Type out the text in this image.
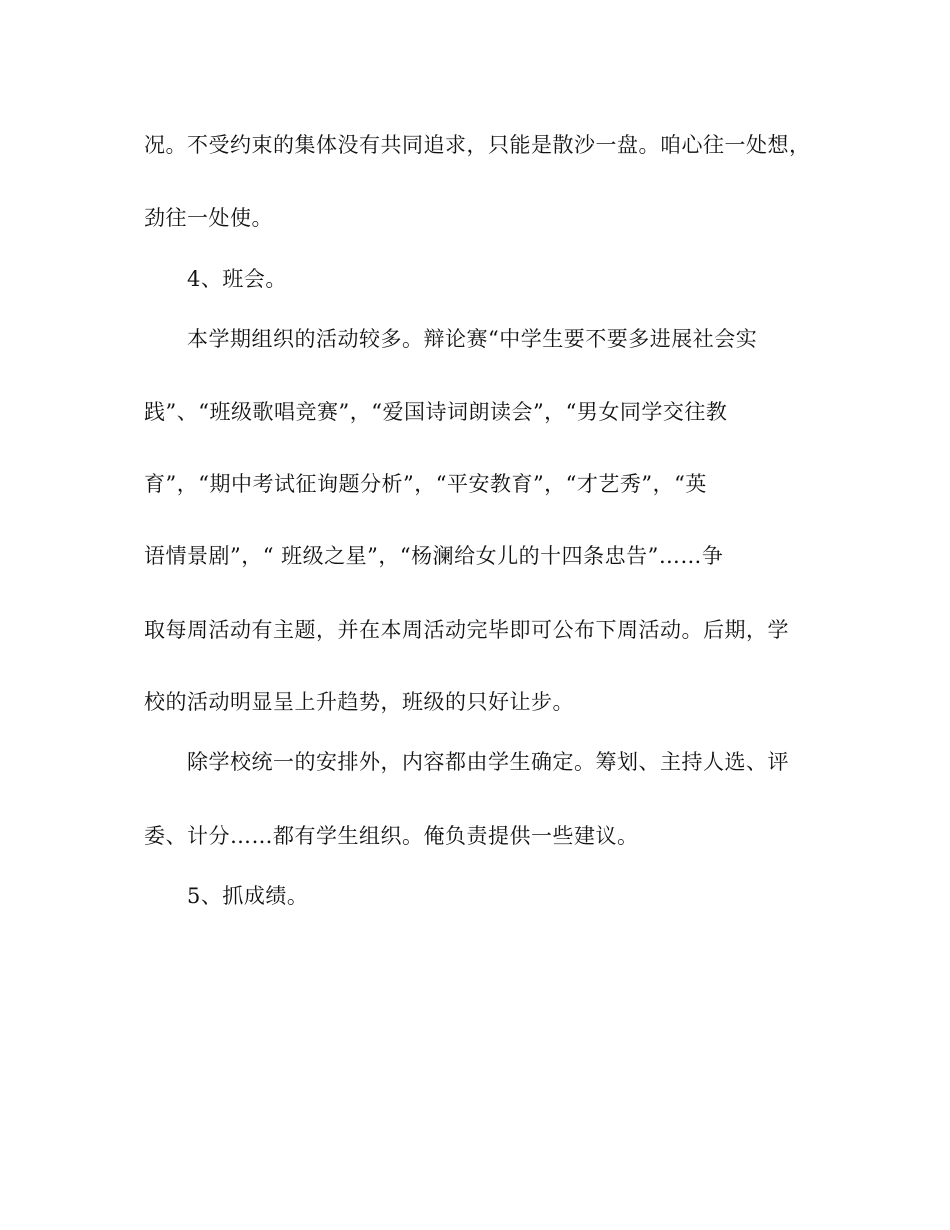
况。不受约束的集体没有共同追求，只能是散沙一盘。咱心往一处想，
劲往一处使。
4、班会。
本学期组织的活动较多。辩论赛“中学生要不要多进展社会实
践”、“班级歌唱竞赛”，“爱国诗词朗读会”，“男女同学交往教
育”，“期中考试征询题分析”，“平安教育”，“才艺秀”，“英
语情景剧”，“ 班级之星”，“杨澜给女儿的十四条忠告”……争
取每周活动有主题，并在本周活动完毕即可公布下周活动。后期，学
校的活动明显呈上升趋势，班级的只好让步。
除学校统一的安排外，内容都由学生确定。筹划、主持人选、评
委、计分……都有学生组织。俺负责提供一些建议。
5、抓成绩。
